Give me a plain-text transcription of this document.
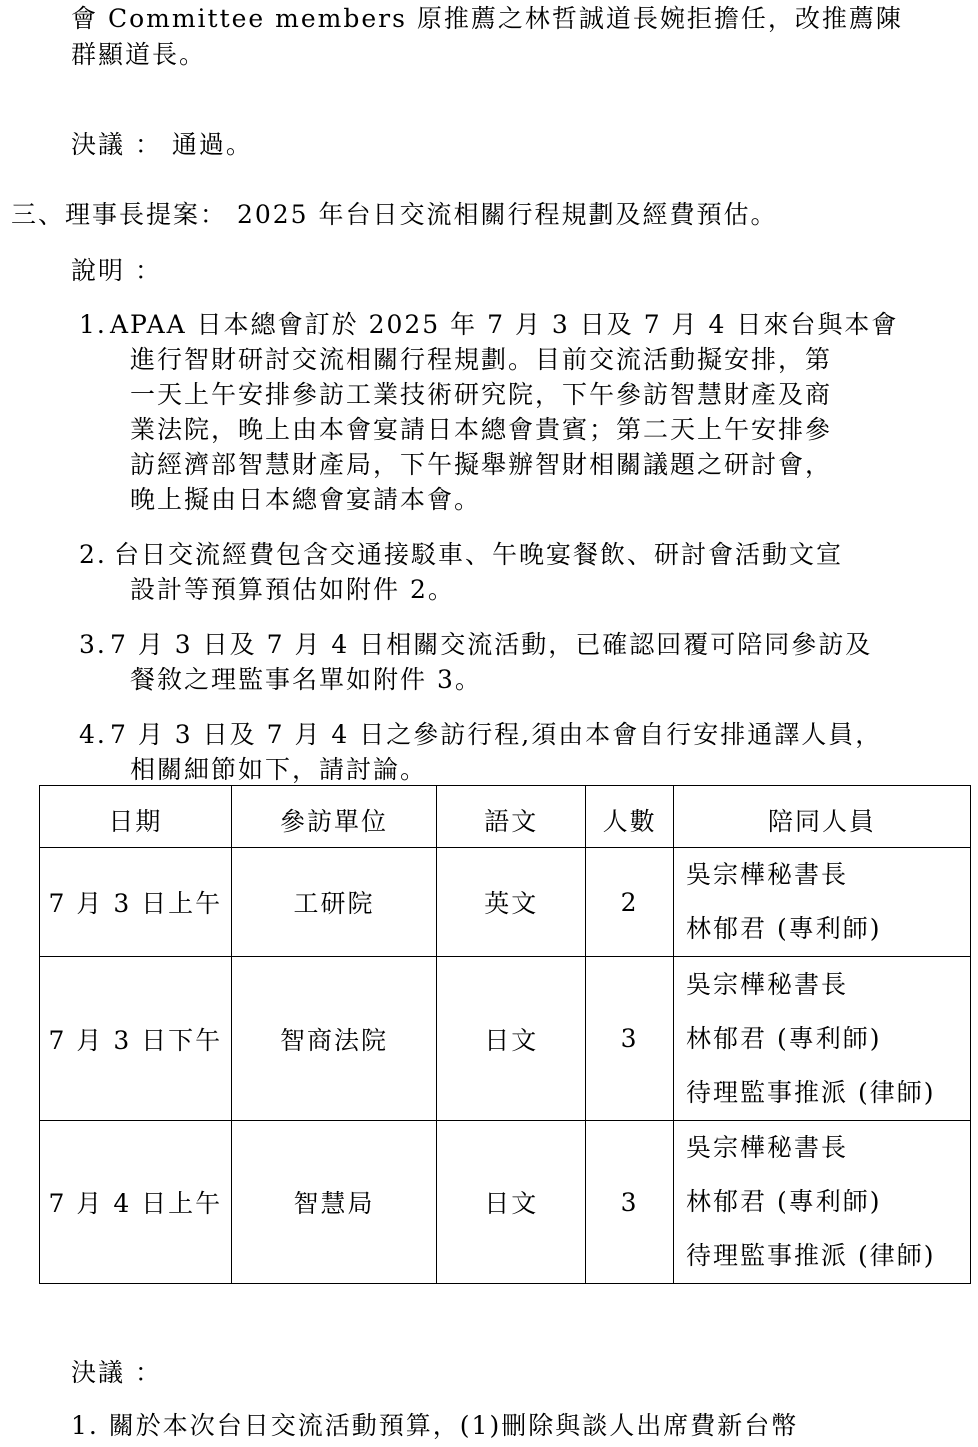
會 Committee members 原推薦之林哲誠道長婉拒擔任，改推薦陳
群顯道長。
決議 ： 通過。
三、理事長提案： 2025 年台日交流相關行程規劃及經費預估。
說明 ：
1. APAA 日本總會訂於 2025 年 7 月 3 日及 7 月 4 日來台與本會
進行智財研討交流相關行程規劃。目前交流活動擬安排，第
一天上午安排參訪工業技術研究院，下午參訪智慧財產及商
業法院，晚上由本會宴請日本總會貴賓；第二天上午安排參
訪經濟部智慧財產局，下午擬舉辦智財相關議題之研討會，
晚上擬由日本總會宴請本會。
2. 台日交流經費包含交通接駁車、午晚宴餐飲、研討會活動文宣
設計等預算預估如附件 2。
3. 7 月 3 日及 7 月 4 日相關交流活動，已確認回覆可陪同參訪及
餐敘之理監事名單如附件 3。
4. 7 月 3 日及 7 月 4 日之參訪行程,須由本會自行安排通譯人員，
相關細節如下，請討論。
日期	參訪單位	語文	人數	陪同人員
7 月 3 日上午	工研院	英文	2	吳宗樺秘書長
林郁君 (專利師)

7 月 3 日下午	智商法院	日文	3	吳宗樺秘書長
林郁君 (專利師)
待理監事推派 (律師)

7 月 4 日上午	智慧局	日文	3	吳宗樺秘書長
林郁君 (專利師)
待理監事推派 (律師)
決議 ：
1. 關於本次台日交流活動預算，(1)刪除與談人出席費新台幣
